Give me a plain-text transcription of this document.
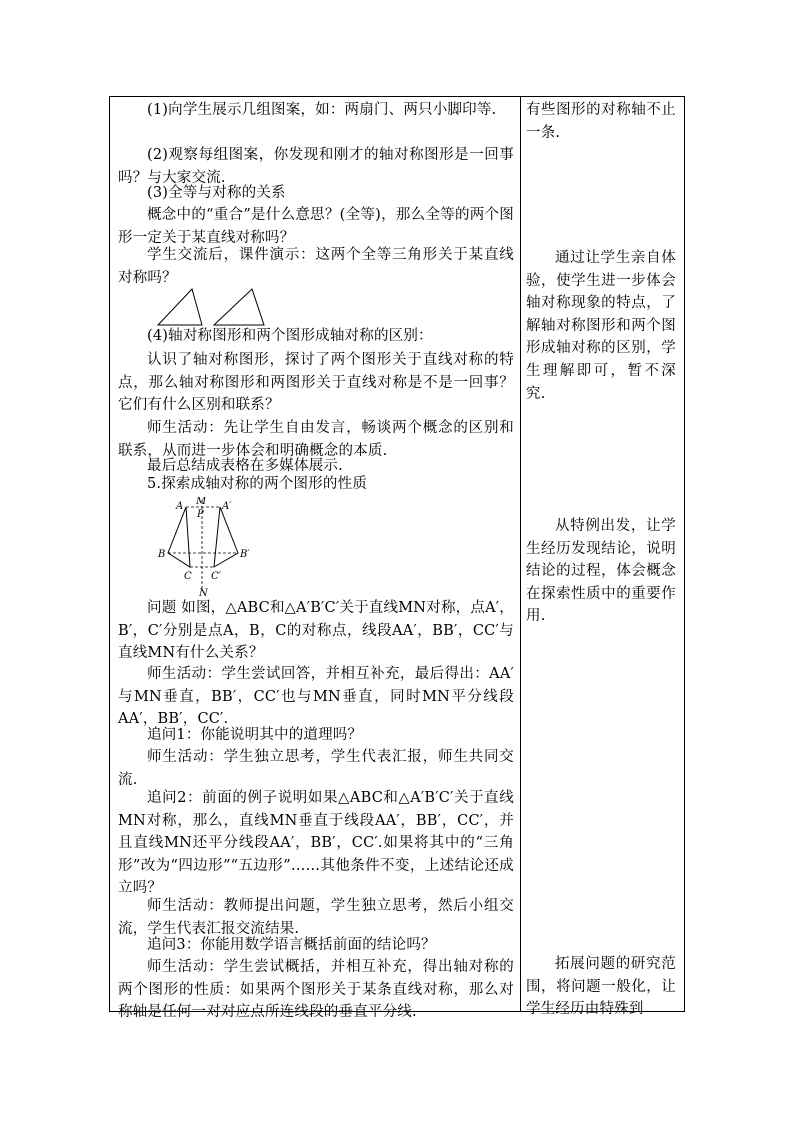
(1)向学生展示几组图案，如：两扇门、两只小脚印等.

(2)观察每组图案，你发现和刚才的轴对称图形是一回事吗？与大家交流.

(3)全等与对称的关系

概念中的“重合”是什么意思？(全等)，那么全等的两个图形一定关于某直线对称吗？

学生交流后，课件演示：这两个全等三角形关于某直线对称吗？

(4)轴对称图形和两个图形成轴对称的区别：

认识了轴对称图形，探讨了两个图形关于直线对称的特点，那么轴对称图形和两图形关于直线对称是不是一回事？它们有什么区别和联系？

师生活动：先让学生自由发言，畅谈两个概念的区别和联系，从而进一步体会和明确概念的本质.

最后总结成表格在多媒体展示.

5.探索成轴对称的两个图形的性质

A	A′
M
P
B	B′
C C′
N

问题 如图，△ABC和△A′B′C′关于直线MN对称，点A′，B′，C′分别是点A，B，C的对称点，线段AA′，BB′，CC′与直线MN有什么关系？

师生活动：学生尝试回答，并相互补充，最后得出：AA′与MN垂直，BB′，CC′也与MN垂直，同时MN平分线段AA′，BB′，CC′.

追问1：你能说明其中的道理吗？

师生活动：学生独立思考，学生代表汇报，师生共同交流.

追问2：前面的例子说明如果△ABC和△A′B′C′关于直线MN对称，那么，直线MN垂直于线段AA′，BB′，CC′，并且直线MN还平分线段AA′，BB′，CC′.如果将其中的“三角形”改为“四边形”“五边形”……其他条件不变，上述结论还成立吗？

师生活动：教师提出问题，学生独立思考，然后小组交流，学生代表汇报交流结果.

追问3：你能用数学语言概括前面的结论吗？

师生活动：学生尝试概括，并相互补充，得出轴对称的两个图形的性质：如果两个图形关于某条直线对称，那么对称轴是任何一对对应点所连线段的垂直平分线.

有些图形的对称轴不止一条.

通过让学生亲自体验，使学生进一步体会轴对称现象的特点，了解轴对称图形和两个图形成轴对称的区别，学生理解即可，暂不深究.

从特例出发，让学生经历发现结论，说明结论的过程，体会概念在探索性质中的重要作用.

拓展问题的研究范围，将问题一般化，让学生经历由特殊到
